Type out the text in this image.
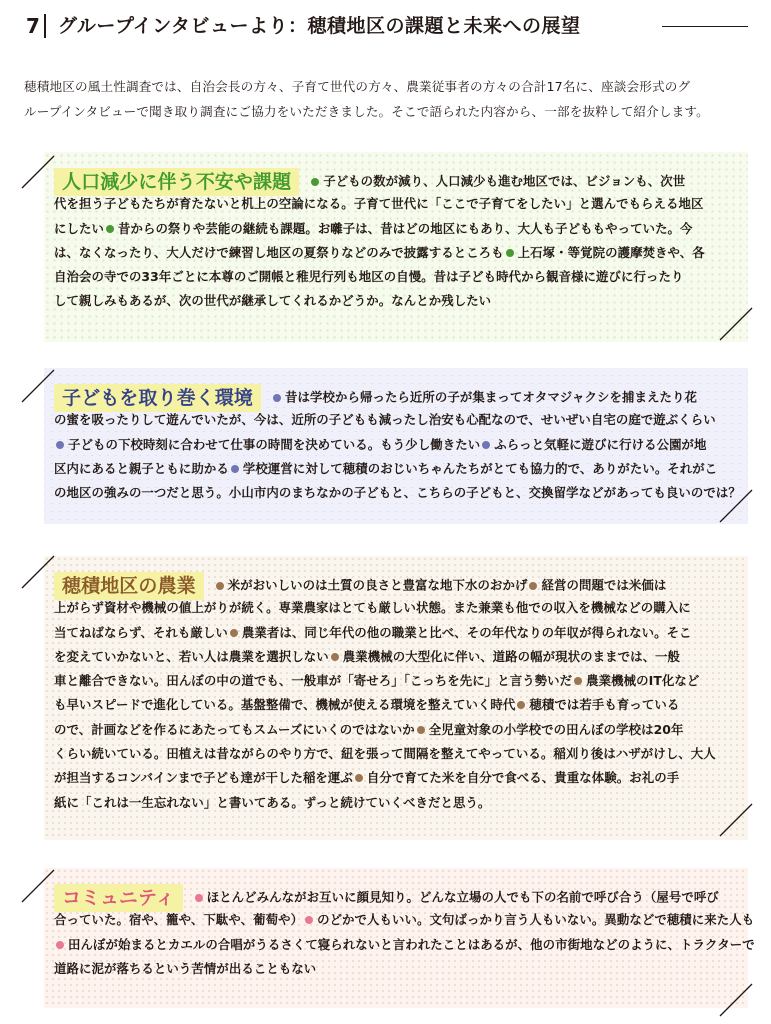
7 グループインタビューより：穂積地区の課題と未来への展望

穂積地区の風土性調査では、自治会長の方々、子育て世代の方々、農業従事者の方々の合計17名に、座談会形式のグ

ループインタビューで聞き取り調査にご協力をいただきました。そこで語られた内容から、一部を抜粋して紹介します。

人口減少に伴う不安や課題	子どもの数が減り、人口減少も進む地区では、ビジョンも、次世
代を担う子どもたちが育たないと机上の空論になる。子育て世代に「ここで子育てをしたい」と選んでもらえる地区
にしたい 昔からの祭りや芸能の継続も課題。お囃子は、昔はどの地区にもあり、大人も子どももやっていた。今
は、なくなったり、大人だけで練習し地区の夏祭りなどのみで披露するところも 上石塚・等覚院の護摩焚きや、各
自治会の寺での33年ごとに本尊のご開帳と稚児行列も地区の自慢。昔は子ども時代から観音様に遊びに行ったり
して親しみもあるが、次の世代が継承してくれるかどうか。なんとか残したい
子どもを取り巻く環境	昔は学校から帰ったら近所の子が集まってオタマジャクシを捕まえたり花
の蜜を吸ったりして遊んでいたが、今は、近所の子どもも減ったし治安も心配なので、せいぜい自宅の庭で遊ぶくらい
子どもの下校時刻に合わせて仕事の時間を決めている。もう少し働きたい ふらっと気軽に遊びに行ける公園が地
区内にあると親子ともに助かる 学校運営に対して穂積のおじいちゃんたちがとても協力的で、ありがたい。それがこ
の地区の強みの一つだと思う。小山市内のまちなかの子どもと、こちらの子どもと、交換留学などがあっても良いのでは？
穂積地区の農業	米がおいしいのは土質の良さと豊富な地下水のおかげ 経営の問題では米価は
上がらず資材や機械の値上がりが続く。専業農家はとても厳しい状態。また兼業も他での収入を機械などの購入に
当てねばならず、それも厳しい 農業者は、同じ年代の他の職業と比べ、その年代なりの年収が得られない。そこ
を変えていかないと、若い人は農業を選択しない 農業機械の大型化に伴い、道路の幅が現状のままでは、一般
車と離合できない。田んぼの中の道でも、一般車が「寄せろ」「こっちを先に」と言う勢いだ 農業機械のIT化など
も早いスピードで進化している。基盤整備で、機械が使える環境を整えていく時代 穂積では若手も育っている
ので、計画などを作るにあたってもスムーズにいくのではないか 全児童対象の小学校での田んぼの学校は20年
くらい続いている。田植えは昔ながらのやり方で、紐を張って間隔を整えてやっている。稲刈り後はハザがけし、大人
が担当するコンバインまで子ども達が干した稲を運ぶ 自分で育てた米を自分で食べる、貴重な体験。お礼の手
紙に「これは一生忘れない」と書いてある。ずっと続けていくべきだと思う。
コミュニティ	ほとんどみんながお互いに顔見知り。どんな立場の人でも下の名前で呼び合う（屋号で呼び
合っていた。宿や、籠や、下駄や、葡萄や） のどかで人もいい。文句ばっかり言う人もいない。異動などで穂積に来た人も
田んぼが始まるとカエルの合唱がうるさくて寝られないと言われたことはあるが、他の市街地などのように、トラクターで
道路に泥が落ちるという苦情が出ることもない
